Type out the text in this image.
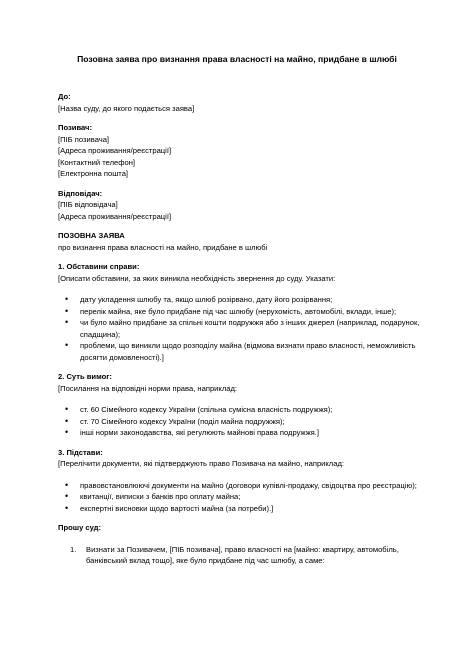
Позовна заява про визнання права власності на майно, придбане в шлюбі
До:
[Назва суду, до якого подається заява]
Позивач:
[ПІБ позивача]
[Адреса проживання/реєстрації]
[Контактний телефон]
[Електронна пошта]
Відповідач:
[ПІБ відповідача]
[Адреса проживання/реєстрації]
ПОЗОВНА ЗАЯВА
про визнання права власності на майно, придбане в шлюбі
1. Обставини справи:
[Описати обставини, за яких виникла необхідність звернення до суду. Указати:
• дату укладення шлюбу та, якщо шлюб розірвано, дату його розірвання;
• перелік майна, яке було придбане під час шлюбу (нерухомість, автомобілі, вклади, інше);
• чи було майно придбане за спільні кошти подружжя або з інших джерел (наприклад, подарунок, спадщина);
• проблеми, що виникли щодо розподілу майна (відмова визнати право власності, неможливість досягти домовленості).]
2. Суть вимог:
[Посилання на відповідні норми права, наприклад:
• ст. 60 Сімейного кодексу України (спільна сумісна власність подружжя);
• ст. 70 Сімейного кодексу України (поділ майна подружжя);
• інші норми законодавства, які регулюють майнові права подружжя.]
3. Підстави:
[Перелічити документи, які підтверджують право Позивача на майно, наприклад:
• правовстановлюючі документи на майно (договори купівлі-продажу, свідоцтва про реєстрацію);
• квитанції, виписки з банків про оплату майна;
• експертні висновки щодо вартості майна (за потреби).]
Прошу суд:
1. Визнати за Позивачем, [ПІБ позивача], право власності на [майно: квартиру, автомобіль, банківський вклад тощо], яке було придбане під час шлюбу, а саме:
